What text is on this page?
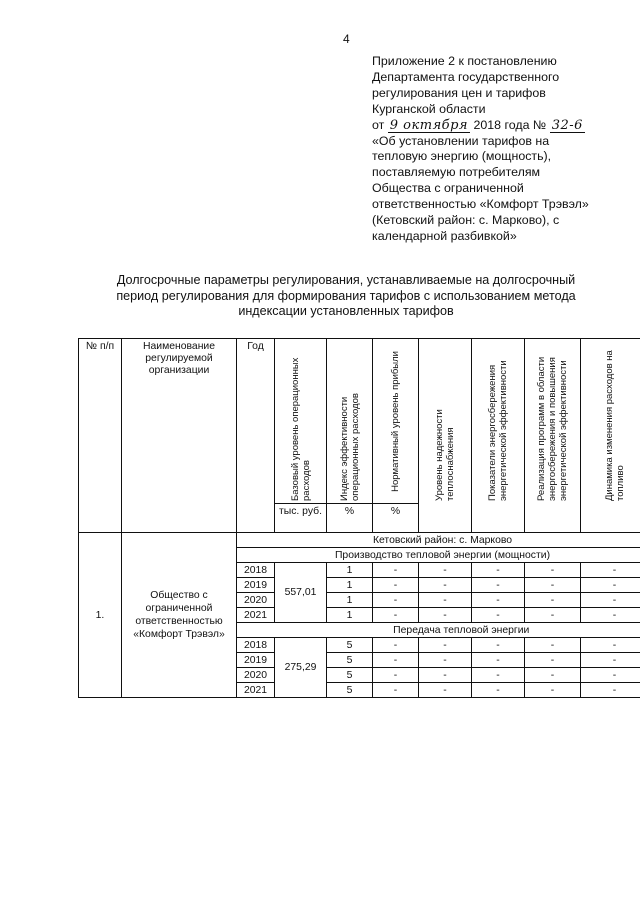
4
Приложение 2 к постановлению
Департамента государственного
регулирования цен и тарифов
Курганской области
от 9 октября 2018 года № 32-6
«Об установлении тарифов на
тепловую энергию (мощность),
поставляемую потребителям
Общества с ограниченной
ответственностью «Комфорт Трэвэл»
(Кетовский район: с. Марково), с
календарной разбивкой»
Долгосрочные параметры регулирования, устанавливаемые на долгосрочный
период регулирования для формирования тарифов с использованием метода
индексации установленных тарифов
№ п/п	Наименование регулируемой организации	Год	Базовый уровень операционных расходов	Индекс эффективности операционных расходов	Нормативный уровень прибыли	Уровень надежности теплоснабжения	Показатели энергосбережения энергетической эффективности	Реализация программ в области энергосбережения и повышения энергетической эффективности	Динамика изменения расходов на топливо

			тыс. руб.	%	%				
1.	Общество с ограниченной ответственностью «Комфорт Трэвэл»	Кетовский район: с. Марково							
		Производство тепловой энергии (мощности)							
		2018	557,01	1	-	-	-	-	-
		2019		1	-	-	-	-	-
		2020		1	-	-	-	-	-
		2021		1	-	-	-	-	-
			Передача тепловой энергии						
		2018	275,29	5	-	-	-	-	-
		2019		5	-	-	-	-	-
		2020		5	-	-	-	-	-
		2021		5	-	-	-	-	-
